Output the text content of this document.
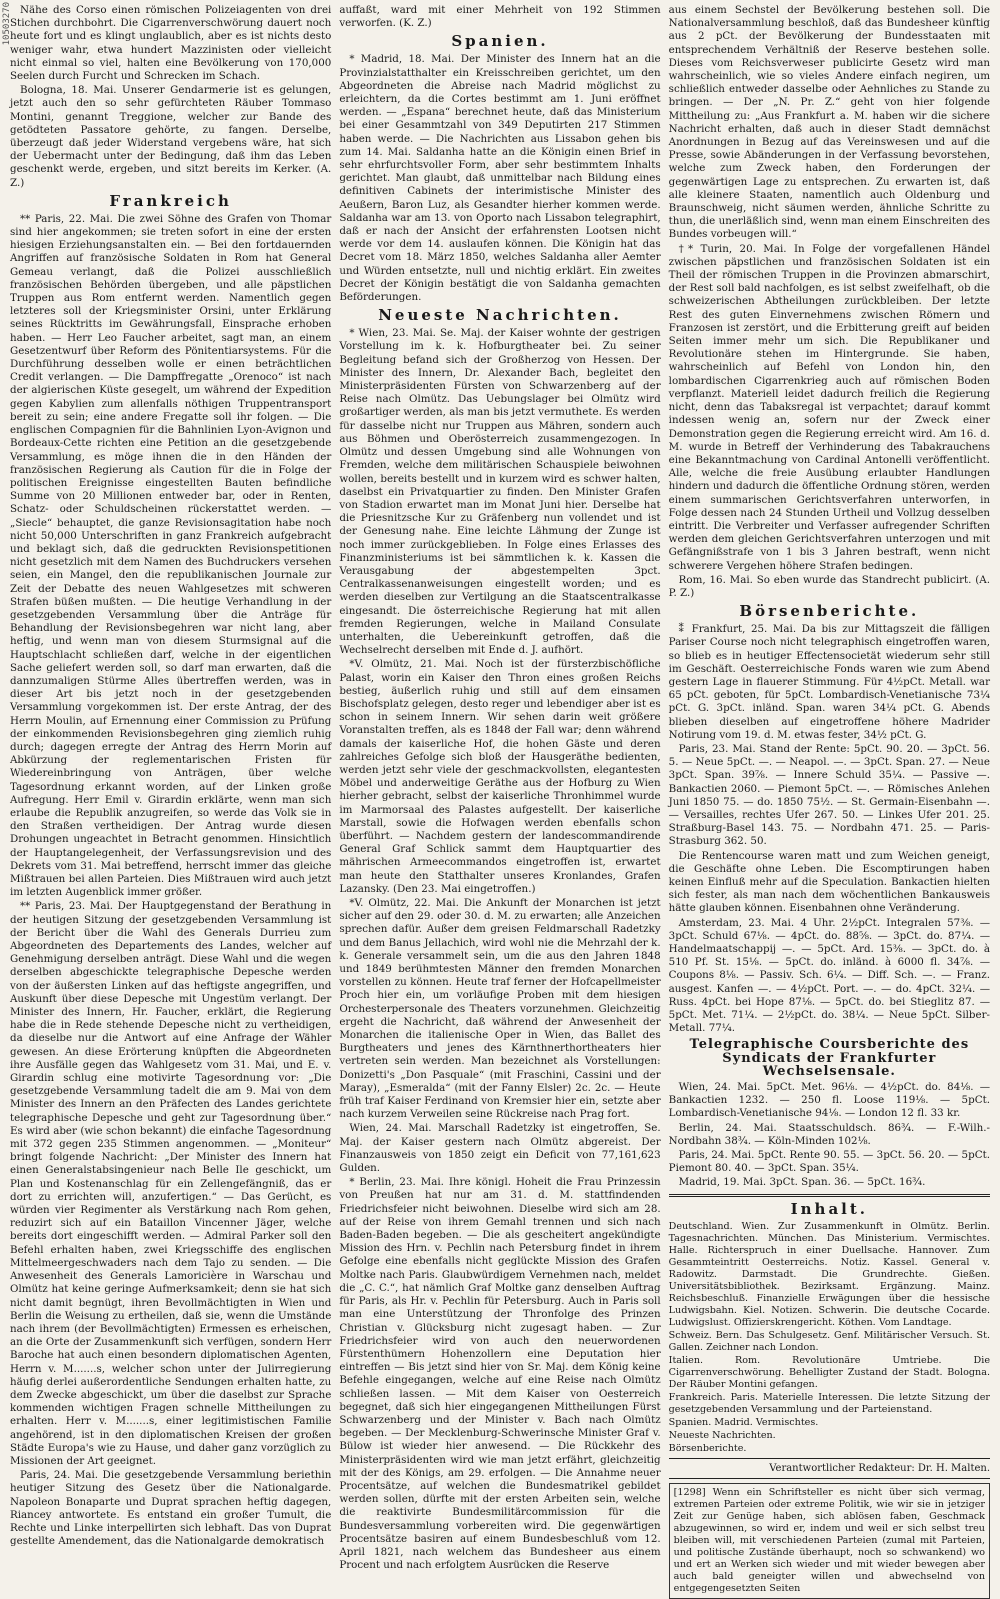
10503270 Nähe des Corso einen römischen Polizeiagenten von drei Stichen durchbohrt. Die Cigarrenverschwörung dauert noch heute fort und es klingt unglaublich, aber es ist nichts desto weniger wahr, etwa hundert Mazzinisten oder vielleicht nicht einmal so viel, halten eine Bevölkerung von 170,000 Seelen durch Furcht und Schrecken im Schach.

Bologna, 18. Mai. Unserer Gendarmerie ist es gelungen, jetzt auch den so sehr gefürchteten Räuber Tommaso Montini, genannt Treggione, welcher zur Bande des getödteten Passatore gehörte, zu fangen. Derselbe, überzeugt daß jeder Widerstand vergebens wäre, hat sich der Uebermacht unter der Bedingung, daß ihm das Leben geschenkt werde, ergeben, und sitzt bereits im Kerker. (A. Z.)

Frankreich

** Paris, 22. Mai. Die zwei Söhne des Grafen von Thomar sind hier angekommen; sie treten sofort in eine der ersten hiesigen Erziehungsanstalten ein. — Bei den fortdauernden Angriffen auf französische Soldaten in Rom hat General Gemeau verlangt, daß die Polizei ausschließlich französischen Behörden übergeben, und alle päpstlichen Truppen aus Rom entfernt werden. Namentlich gegen letzteres soll der Kriegsminister Orsini, unter Erklärung seines Rücktritts im Gewährungsfall, Einsprache erhoben haben. — Herr Leo Faucher arbeitet, sagt man, an einem Gesetzentwurf über Reform des Pönitentiarsystems. Für die Durchführung desselben wolle er einen beträchtlichen Credit verlangen. — Die Dampffregatte „Orenoco“ ist nach der algierischen Küste gesegelt, um während der Expedition gegen Kabylien zum allenfalls nöthigen Truppentransport bereit zu sein; eine andere Fregatte soll ihr folgen. — Die englischen Compagnien für die Bahnlinien Lyon-Avignon und Bordeaux-Cette richten eine Petition an die gesetzgebende Versammlung, es möge ihnen die in den Händen der französischen Regierung als Caution für die in Folge der politischen Ereignisse eingestellten Bauten befindliche Summe von 20 Millionen entweder bar, oder in Renten, Schatz- oder Schuldscheinen rückerstattet werden. — „Siecle“ behauptet, die ganze Revisionsagitation habe noch nicht 50,000 Unterschriften in ganz Frankreich aufgebracht und beklagt sich, daß die gedruckten Revisionspetitionen nicht gesetzlich mit dem Namen des Buchdruckers versehen seien, ein Mangel, den die republikanischen Journale zur Zeit der Debatte des neuen Wahlgesetzes mit schweren Strafen büßen mußten. — Die heutige Verhandlung in der gesetzgebenden Versammlung über die Anträge für Behandlung der Revisionsbegehren war nicht lang, aber heftig, und wenn man von diesem Sturmsignal auf die Hauptschlacht schließen darf, welche in der eigentlichen Sache geliefert werden soll, so darf man erwarten, daß die dannzumaligen Stürme Alles übertreffen werden, was in dieser Art bis jetzt noch in der gesetzgebenden Versammlung vorgekommen ist. Der erste Antrag, der des Herrn Moulin, auf Ernennung einer Commission zu Prüfung der einkommenden Revisionsbegehren ging ziemlich ruhig durch; dagegen erregte der Antrag des Herrn Morin auf Abkürzung der reglementarischen Fristen für Wiedereinbringung von Anträgen, über welche Tagesordnung erkannt worden, auf der Linken große Aufregung. Herr Emil v. Girardin erklärte, wenn man sich erlaube die Republik anzugreifen, so werde das Volk sie in den Straßen vertheidigen. Der Antrag wurde diesen Drohungen ungeachtet in Betracht genommen. Hinsichtlich der Hauptangelegenheit, der Verfassungsrevision und des Dekrets vom 31. Mai betreffend, herrscht immer das gleiche Mißtrauen bei allen Parteien. Dies Mißtrauen wird auch jetzt im letzten Augenblick immer größer.

** Paris, 23. Mai. Der Hauptgegenstand der Berathung in der heutigen Sitzung der gesetzgebenden Versammlung ist der Bericht über die Wahl des Generals Durrieu zum Abgeordneten des Departements des Landes, welcher auf Genehmigung derselben anträgt. Diese Wahl und die wegen derselben abgeschickte telegraphische Depesche werden von der äußersten Linken auf das heftigste angegriffen, und Auskunft über diese Depesche mit Ungestüm verlangt. Der Minister des Innern, Hr. Faucher, erklärt, die Regierung habe die in Rede stehende Depesche nicht zu vertheidigen, da dieselbe nur die Antwort auf eine Anfrage der Wähler gewesen. An diese Erörterung knüpften die Abgeordneten ihre Ausfälle gegen das Wahlgesetz vom 31. Mai, und E. v. Girardin schlug eine motivirte Tagesordnung vor: „Die gesetzgebende Versammlung tadelt die am 9. Mai von dem Minister des Innern an den Präfecten des Landes gerichtete telegraphische Depesche und geht zur Tagesordnung über.“ Es wird aber (wie schon bekannt) die einfache Tagesordnung mit 372 gegen 235 Stimmen angenommen. — „Moniteur“ bringt folgende Nachricht: „Der Minister des Innern hat einen Generalstabsingenieur nach Belle Ile geschickt, um Plan und Kostenanschlag für ein Zellengefängniß, das er dort zu errichten will, anzufertigen.“ — Das Gerücht, es würden vier Regimenter als Verstärkung nach Rom gehen, reduzirt sich auf ein Bataillon Vincenner Jäger, welche bereits dort eingeschifft werden. — Admiral Parker soll den Befehl erhalten haben, zwei Kriegsschiffe des englischen Mittelmeergeschwaders nach dem Tajo zu senden. — Die Anwesenheit des Generals Lamoricière in Warschau und Olmütz hat keine geringe Aufmerksamkeit; denn sie hat sich nicht damit begnügt, ihren Bevollmächtigten in Wien und Berlin die Weisung zu ertheilen, daß sie, wenn die Umstände nach ihrem (der Bevollmächtigten) Ermessen es erheischen, an die Orte der Zusammenkunft sich verfügen, sondern Herr Baroche hat auch einen besondern diplomatischen Agenten, Herrn v. M.......s, welcher schon unter der Julirregierung häufig derlei außerordentliche Sendungen erhalten hatte, zu dem Zwecke abgeschickt, um über die daselbst zur Sprache kommenden wichtigen Fragen schnelle Mittheilungen zu erhalten. Herr v. M.......s, einer legitimistischen Familie angehörend, ist in den diplomatischen Kreisen der großen Städte Europa's wie zu Hause, und daher ganz vorzüglich zu Missionen der Art geeignet.

Paris, 24. Mai. Die gesetzgebende Versammlung beriethin heutiger Sitzung des Gesetz über die Nationalgarde. Napoleon Bonaparte und Duprat sprachen heftig dagegen, Riancey antwortete. Es entstand ein großer Tumult, die Rechte und Linke interpellirten sich lebhaft. Das von Duprat gestellte Amendement, das die Nationalgarde demokratisch

auffaßt, ward mit einer Mehrheit von 192 Stimmen verworfen. (K. Z.)

Spanien.

* Madrid, 18. Mai. Der Minister des Innern hat an die Provinzialstatthalter ein Kreisschreiben gerichtet, um den Abgeordneten die Abreise nach Madrid möglichst zu erleichtern, da die Cortes bestimmt am 1. Juni eröffnet werden. — „Espana“ berechnet heute, daß das Ministerium bei einer Gesammtzahl von 349 Deputirten 217 Stimmen haben werde. — Die Nachrichten aus Lissabon gehen bis zum 14. Mai. Saldanha hatte an die Königin einen Brief in sehr ehrfurchtsvoller Form, aber sehr bestimmtem Inhalts gerichtet. Man glaubt, daß unmittelbar nach Bildung eines definitiven Cabinets der interimistische Minister des Aeußern, Baron Luz, als Gesandter hierher kommen werde. Saldanha war am 13. von Oporto nach Lissabon telegraphirt, daß er nach der Ansicht der erfahrensten Lootsen nicht werde vor dem 14. auslaufen können. Die Königin hat das Decret vom 18. März 1850, welches Saldanha aller Aemter und Würden entsetzte, null und nichtig erklärt. Ein zweites Decret der Königin bestätigt die von Saldanha gemachten Beförderungen.

Neueste Nachrichten.

* Wien, 23. Mai. Se. Maj. der Kaiser wohnte der gestrigen Vorstellung im k. k. Hofburgtheater bei. Zu seiner Begleitung befand sich der Großherzog von Hessen. Der Minister des Innern, Dr. Alexander Bach, begleitet den Ministerpräsidenten Fürsten von Schwarzenberg auf der Reise nach Olmütz. Das Uebungslager bei Olmütz wird großartiger werden, als man bis jetzt vermuthete. Es werden für dasselbe nicht nur Truppen aus Mähren, sondern auch aus Böhmen und Oberösterreich zusammengezogen. In Olmütz und dessen Umgebung sind alle Wohnungen von Fremden, welche dem militärischen Schauspiele beiwohnen wollen, bereits bestellt und in kurzem wird es schwer halten, daselbst ein Privatquartier zu finden. Den Minister Grafen von Stadion erwartet man im Monat Juni hier. Derselbe hat die Priesnitzsche Kur zu Gräfenberg nun vollendet und ist der Genesung nahe. Eine leichte Lähmung der Zunge ist noch immer zurückgeblieben. In Folge eines Erlasses des Finanzministeriums ist bei sämmtlichen k. k. Kassen die Verausgabung der abgestempelten 3pct. Centralkassenanweisungen eingestellt worden; und es werden dieselben zur Vertilgung an die Staatscentralkasse eingesandt. Die österreichische Regierung hat mit allen fremden Regierungen, welche in Mailand Consulate unterhalten, die Uebereinkunft getroffen, daß die Wechselrecht derselben mit Ende d. J. aufhört.

*V. Olmütz, 21. Mai. Noch ist der fürsterzbischöfliche Palast, worin ein Kaiser den Thron eines großen Reichs bestieg, äußerlich ruhig und still auf dem einsamen Bischofsplatz gelegen, desto reger und lebendiger aber ist es schon in seinem Innern. Wir sehen darin weit größere Voranstalten treffen, als es 1848 der Fall war; denn während damals der kaiserliche Hof, die hohen Gäste und deren zahlreiches Gefolge sich bloß der Hausgeräthe bedienten, werden jetzt sehr viele der geschmackvollsten, elegantesten Möbel und anderweitige Geräthe aus der Hofburg zu Wien hierher gebracht, selbst der kaiserliche Thronhimmel wurde im Marmorsaal des Palastes aufgestellt. Der kaiserliche Marstall, sowie die Hofwagen werden ebenfalls schon überführt. — Nachdem gestern der landescommandirende General Graf Schlick sammt dem Hauptquartier des mährischen Armeecommandos eingetroffen ist, erwartet man heute den Statthalter unseres Kronlandes, Grafen Lazansky. (Den 23. Mai eingetroffen.)

*V. Olmütz, 22. Mai. Die Ankunft der Monarchen ist jetzt sicher auf den 29. oder 30. d. M. zu erwarten; alle Anzeichen sprechen dafür. Außer dem greisen Feldmarschall Radetzky und dem Banus Jellachich, wird wohl nie die Mehrzahl der k. k. Generale versammelt sein, um die aus den Jahren 1848 und 1849 berühmtesten Männer den fremden Monarchen vorstellen zu können. Heute traf ferner der Hofcapellmeister Proch hier ein, um vorläufige Proben mit dem hiesigen Orchesterpersonale des Theaters vorzunehmen. Gleichzeitig ergeht die Nachricht, daß während der Anwesenheit der Monarchen die italienische Oper in Wien, das Ballet des Burgtheaters und jenes des Kärnthnerthortheaters hier vertreten sein werden. Man bezeichnet als Vorstellungen: Donizetti's „Don Pasquale“ (mit Fraschini, Cassini und der Maray), „Esmeralda“ (mit der Fanny Elsler) 2c. 2c. — Heute früh traf Kaiser Ferdinand von Kremsier hier ein, setzte aber nach kurzem Verweilen seine Rückreise nach Prag fort.

Wien, 24. Mai. Marschall Radetzky ist eingetroffen, Se. Maj. der Kaiser gestern nach Olmütz abgereist. Der Finanzausweis von 1850 zeigt ein Deficit von 77,161,623 Gulden.

* Berlin, 23. Mai. Ihre königl. Hoheit die Frau Prinzessin von Preußen hat nur am 31. d. M. stattfindenden Friedrichsfeier nicht beiwohnen. Dieselbe wird sich am 28. auf der Reise von ihrem Gemahl trennen und sich nach Baden-Baden begeben. — Die als gescheitert angekündigte Mission des Hrn. v. Pechlin nach Petersburg findet in ihrem Gefolge eine ebenfalls nicht geglückte Mission des Grafen Moltke nach Paris. Glaubwürdigem Vernehmen nach, meldet die „C. C.“, hat nämlich Graf Moltke ganz denselben Auftrag für Paris, als Hr. v. Pechlin für Petersburg. Auch in Paris soll man eine Unterstützung der Thronfolge des Prinzen Christian v. Glücksburg nicht zugesagt haben. — Zur Friedrichsfeier wird von auch den neuerwordenen Fürstenthümern Hohenzollern eine Deputation hier eintreffen — Bis jetzt sind hier von Sr. Maj. dem König keine Befehle eingegangen, welche auf eine Reise nach Olmütz schließen lassen. — Mit dem Kaiser von Oesterreich begegnet, daß sich hier eingegangenen Mittheilungen Fürst Schwarzenberg und der Minister v. Bach nach Olmütz begeben. — Der Mecklenburg-Schwerinsche Minister Graf v. Bülow ist wieder hier anwesend. — Die Rückkehr des Ministerpräsidenten wird wie man jetzt erfährt, gleichzeitig mit der des Königs, am 29. erfolgen. — Die Annahme neuer Procentsätze, auf welchen die Bundesmatrikel gebildet werden sollen, dürfte mit der ersten Arbeiten sein, welche die reaktivirte Bundesmilitärcommission für die Bundesversammlung vorbereiten wird. Die gegenwärtigen Procentsätze basiren auf einem Bundesbeschluß vom 12. April 1821, nach welchem das Bundesheer aus einem Procent und nach erfolgtem Ausrücken die Reserve

aus einem Sechstel der Bevölkerung bestehen soll. Die Nationalversammlung beschloß, daß das Bundesheer künftig aus 2 pCt. der Bevölkerung der Bundesstaaten mit entsprechendem Verhältniß der Reserve bestehen solle. Dieses vom Reichsverweser publicirte Gesetz wird man wahrscheinlich, wie so vieles Andere einfach negiren, um schließlich entweder dasselbe oder Aehnliches zu Stande zu bringen. — Der „N. Pr. Z.“ geht von hier folgende Mittheilung zu: „Aus Frankfurt a. M. haben wir die sichere Nachricht erhalten, daß auch in dieser Stadt demnächst Anordnungen in Bezug auf das Vereinswesen und auf die Presse, sowie Abänderungen in der Verfassung bevorstehen, welche zum Zweck haben, den Forderungen der gegenwärtigen Lage zu entsprechen. Zu erwarten ist, daß alle kleinere Staaten, namentlich auch Oldenburg und Braunschweig, nicht säumen werden, ähnliche Schritte zu thun, die unerläßlich sind, wenn man einem Einschreiten des Bundes vorbeugen will.“

†* Turin, 20. Mai. In Folge der vorgefallenen Händel zwischen päpstlichen und französischen Soldaten ist ein Theil der römischen Truppen in die Provinzen abmarschirt, der Rest soll bald nachfolgen, es ist selbst zweifelhaft, ob die schweizerischen Abtheilungen zurückbleiben. Der letzte Rest des guten Einvernehmens zwischen Römern und Franzosen ist zerstört, und die Erbitterung greift auf beiden Seiten immer mehr um sich. Die Republikaner und Revolutionäre stehen im Hintergrunde. Sie haben, wahrscheinlich auf Befehl von London hin, den lombardischen Cigarrenkrieg auch auf römischen Boden verpflanzt. Materiell leidet dadurch freilich die Regierung nicht, denn das Tabaksregal ist verpachtet; darauf kommt indessen wenig an, sofern nur der Zweck einer Demonstration gegen die Regierung erreicht wird. Am 16. d. M. wurde in Betreff der Verhinderung des Tabakrauchens eine Bekanntmachung von Cardinal Antonelli veröffentlicht. Alle, welche die freie Ausübung erlaubter Handlungen hindern und dadurch die öffentliche Ordnung stören, werden einem summarischen Gerichtsverfahren unterworfen, in Folge dessen nach 24 Stunden Urtheil und Vollzug desselben eintritt. Die Verbreiter und Verfasser aufregender Schriften werden dem gleichen Gerichtsverfahren unterzogen und mit Gefängnißstrafe von 1 bis 3 Jahren bestraft, wenn nicht schwerere Vergehen höhere Strafen bedingen.

Rom, 16. Mai. So eben wurde das Standrecht publicirt. (A. P. Z.)

Börsenberichte.

⁑ Frankfurt, 25. Mai. Da bis zur Mittagszeit die fälligen Pariser Course noch nicht telegraphisch eingetroffen waren, so blieb es in heutiger Effectensocietät wiederum sehr still im Geschäft. Oesterreichische Fonds waren wie zum Abend gestern Lage in flauerer Stimmung. Für 4½pCt. Metall. war 65 pCt. geboten, für 5pCt. Lombardisch-Venetianische 73¼ pCt. G. 3pCt. inländ. Span. waren 34¼ pCt. G. Abends blieben dieselben auf eingetroffene höhere Madrider Notirung vom 19. d. M. etwas fester, 34½ pCt. G.

Paris, 23. Mai. Stand der Rente: 5pCt. 90. 20. — 3pCt. 56. 5. — Neue 5pCt. —. — Neapol. —. — 3pCt. Span. 27. — Neue 3pCt. Span. 39⅞. — Innere Schuld 35¼. — Passive —. Bankactien 2060. — Piemont 5pCt. —. — Römisches Anlehen Juni 1850 75. — do. 1850 75½. — St. Germain-Eisenbahn —. — Versailles, rechtes Ufer 267. 50. — Linkes Ufer 201. 25. Straßburg-Basel 143. 75. — Nordbahn 471. 25. — Paris-Strasburg 362. 50.

Die Rentencourse waren matt und zum Weichen geneigt, die Geschäfte ohne Leben. Die Escomptirungen haben keinen Einfluß mehr auf die Speculation. Bankactien hielten sich fester, als man nach dem wöchentlichen Bankausweis hätte glauben können. Eisenbahnen ohne Veränderung.

Amsterdam, 23. Mai. 4 Uhr. 2½pCt. Integralen 57⅜. — 3pCt. Schuld 67⅛. — 4pCt. do. 88⅝. — 3pCt. do. 87¼. — Handelmaatschappij —. — 5pCt. Ard. 15⅜. — 3pCt. do. à 510 Pf. St. 15⅛. — 5pCt. do. inländ. à 6000 fl. 34⅞. — Coupons 8⅛. — Passiv. Sch. 6¼. — Diff. Sch. —. — Franz. ausgest. Kanfen —. — 4½pCt. Port. —. — do. 4pCt. 32¼. — Russ. 4pCt. bei Hope 87⅛. — 5pCt. do. bei Stieglitz 87. — 5pCt. Met. 71¼. — 2½pCt. do. 38¼. — Neue 5pCt. Silber-Metall. 77¼.

Telegraphische Coursberichte des Syndicats der Frankfurter Wechselsensale.

Wien, 24. Mai. 5pCt. Met. 96⅛. — 4½pCt. do. 84⅛. — Bankactien 1232. — 250 fl. Loose 119⅛. — 5pCt. Lombardisch-Venetianische 94⅛. — London 12 fl. 33 kr.

Berlin, 24. Mai. Staatsschuldsch. 86¾. — F.-Wilh.-Nordbahn 38¾. — Köln-Minden 102⅛.

Paris, 24. Mai. 5pCt. Rente 90. 55. — 3pCt. 56. 20. — 5pCt. Piemont 80. 40. — 3pCt. Span. 35¼.

Madrid, 19. Mai. 3pCt. Span. 36. — 5pCt. 16¾.

Inhalt.

Deutschland. Wien. Zur Zusammenkunft in Olmütz. Berlin. Tagesnachrichten. München. Das Ministerium. Vermischtes. Halle. Richterspruch in einer Duellsache. Hannover. Zum Gesammteintritt Oesterreichs. Notiz. Kassel. General v. Radowitz. Darmstadt. Die Grundrechte. Gießen. Universitätsbibliothek. Bezirksamt. Ergänzung. Mainz. Reichsbeschluß. Finanzielle Erwägungen über die hessische Ludwigsbahn. Kiel. Notizen. Schwerin. Die deutsche Cocarde. Ludwigslust. Offizierskrengericht. Köthen. Vom Landtage.

Schweiz. Bern. Das Schulgesetz. Genf. Militärischer Versuch. St. Gallen. Zeichner nach London.

Italien. Rom. Revolutionäre Umtriebe. Die Cigarrenverschwörung. Behelligter Zustand der Stadt. Bologna. Der Räuber Montini gefangen.

Frankreich. Paris. Materielle Interessen. Die letzte Sitzung der gesetzgebenden Versammlung und der Parteienstand.

Spanien. Madrid. Vermischtes.

Neueste Nachrichten.

Börsenberichte.

Verantwortlicher Redakteur: Dr. H. Malten.
[1298] Wenn ein Schriftsteller es nicht über sich vermag, extremen Parteien oder extreme Politik, wie wir sie in jetziger Zeit zur Genüge haben, sich ablösen faben, Geschmack abzugewinnen, so wird er, indem und weil er sich selbst treu bleiben will, mit verschiedenen Parteien (zumal mit Parteien, und politische Zustände überhaupt, noch so schwankend) wo und ert an Werken sich wieder und mit wieder bewegen aber auch bald geneigter willen und abwechselnd von entgegengesetzten Seiten
